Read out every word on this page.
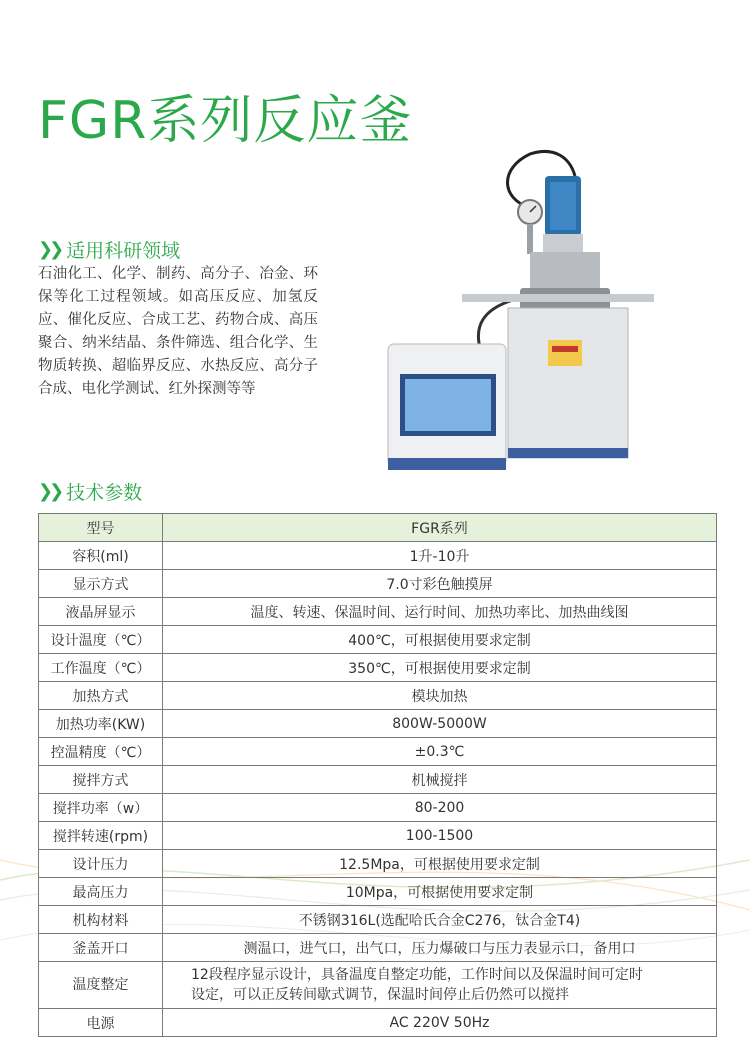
FGR系列反应釜
❯❯ 适用科研领域
石油化工、化学、制药、高分子、冶金、环保等化工过程领域。如高压反应、加氢反应、催化反应、合成工艺、药物合成、高压聚合、纳米结晶、条件筛选、组合化学、生物质转换、超临界反应、水热反应、高分子合成、电化学测试、红外探测等等
❯❯ 技术参数
型号	FGR系列
容积(ml)	1升-10升
显示方式	7.0寸彩色触摸屏
液晶屏显示	温度、转速、保温时间、运行时间、加热功率比、加热曲线图
设计温度（℃）	400℃，可根据使用要求定制
工作温度（℃）	350℃，可根据使用要求定制
加热方式	模块加热
加热功率(KW)	800W-5000W
控温精度（℃）	±0.3℃
搅拌方式	机械搅拌
搅拌功率（w）	80-200
搅拌转速(rpm)	100-1500
设计压力	12.5Mpa，可根据使用要求定制
最高压力	10Mpa，可根据使用要求定制
机构材料	不锈钢316L(选配哈氏合金C276，钛合金T4)
釜盖开口	测温口，进气口，出气口，压力爆破口与压力表显示口，备用口
温度整定	12段程序显示设计，具备温度自整定功能，工作时间以及保温时间可定时
设定，可以正反转间歇式调节，保温时间停止后仍然可以搅拌

电源	AC 220V 50Hz
